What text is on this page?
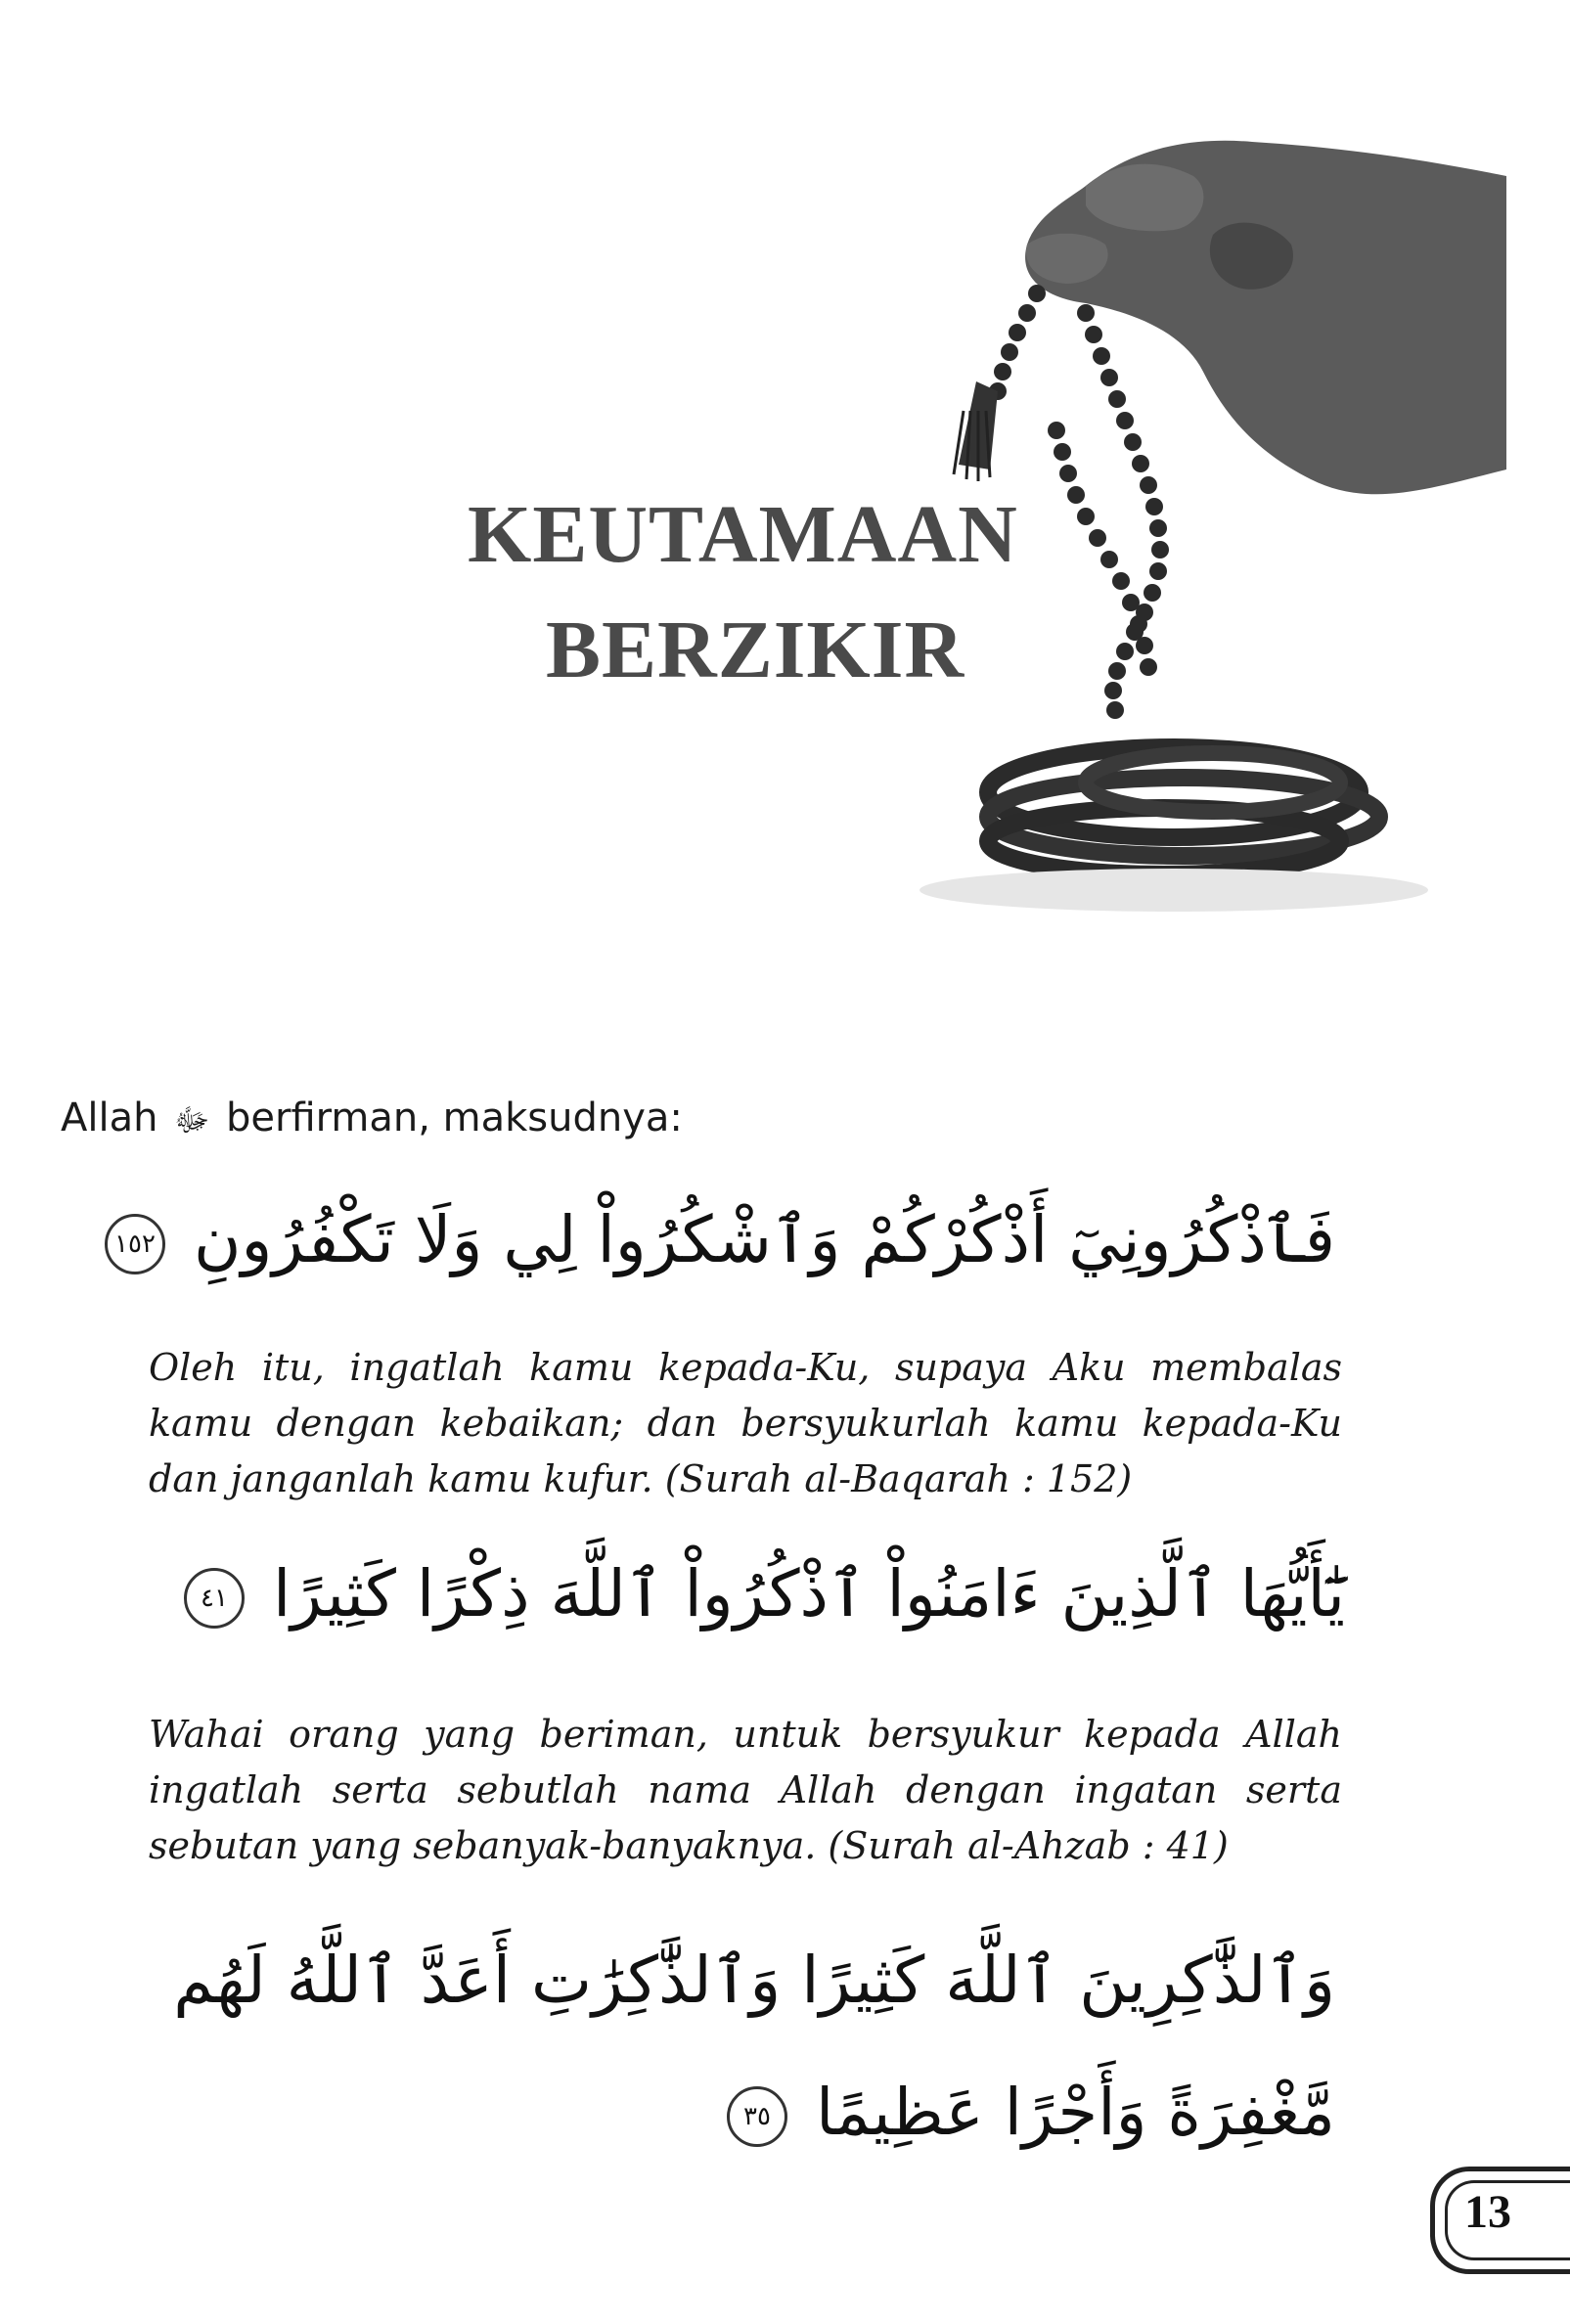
KEUTAMAAN
BERZIKIR
Allah ﷻ berfirman, maksudnya:
فَٱذْكُرُونِيٓ أَذْكُرْكُمْ وَٱشْكُرُواْ لِي وَلَا تَكْفُرُونِ ١٥٢
Oleh itu, ingatlah kamu kepada-Ku, supaya Aku membalas kamu dengan kebaikan; dan bersyukurlah kamu kepada-Ku dan janganlah kamu kufur. (Surah al-Baqarah : 152)
يَٰٓأَيُّهَا ٱلَّذِينَ ءَامَنُواْ ٱذْكُرُواْ ٱللَّهَ ذِكْرًا كَثِيرًا ٤١
Wahai orang yang beriman, untuk bersyukur kepada Allah ingatlah serta sebutlah nama Allah dengan ingatan serta sebutan yang sebanyak-banyaknya. (Surah al-Ahzab : 41)
وَٱلذَّٰكِرِينَ ٱللَّهَ كَثِيرًا وَٱلذَّٰكِرَٰتِ أَعَدَّ ٱللَّهُ لَهُم
مَّغْفِرَةً وَأَجْرًا عَظِيمًا ٣٥
13
